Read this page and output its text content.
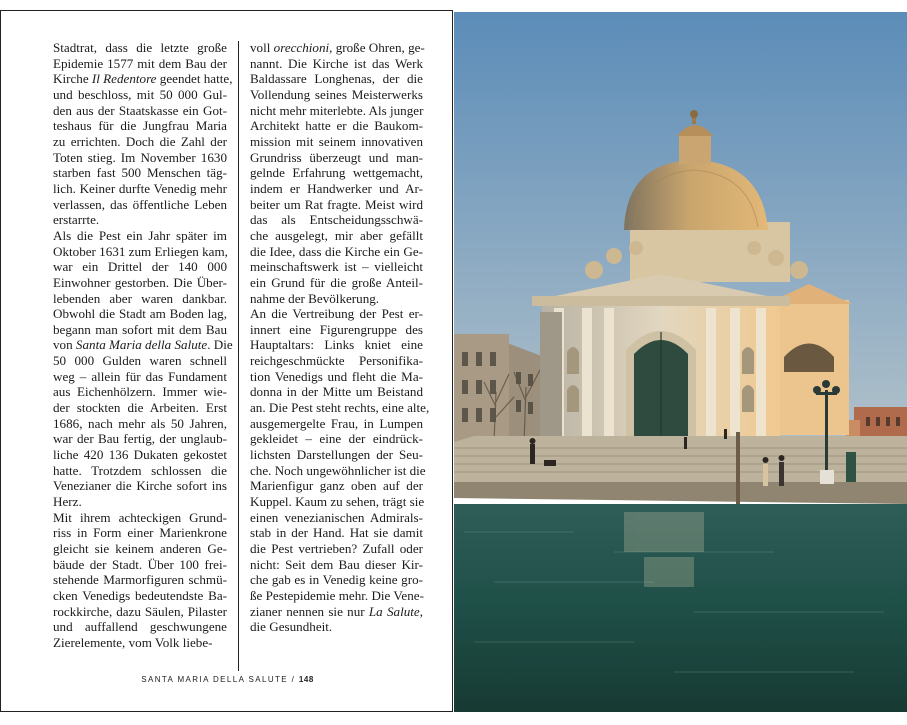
Stadtrat, dass die letzte große
Epidemie 1577 mit dem Bau der
Kirche Il Redentore geendet hatte,
und beschloss, mit 50 000 Gul-
den aus der Staatskasse ein Got-
teshaus für die Jungfrau Maria
zu errichten. Doch die Zahl der
Toten stieg. Im November 1630
starben fast 500 Menschen täg-
lich. Keiner durfte Venedig mehr
verlassen, das öffentliche Leben
erstarrte.

Als die Pest ein Jahr später im
Oktober 1631 zum Erliegen kam,
war ein Drittel der 140 000
Einwohner gestorben. Die Über-
lebenden aber waren dankbar.
Obwohl die Stadt am Boden lag,
begann man sofort mit dem Bau
von Santa Maria della Salute. Die
50 000 Gulden waren schnell
weg – allein für das Fundament
aus Eichenhölzern. Immer wie-
der stockten die Arbeiten. Erst
1686, nach mehr als 50 Jahren,
war der Bau fertig, der unglaub-
liche 420 136 Dukaten gekostet
hatte. Trotzdem schlossen die
Venezianer die Kirche sofort ins
Herz.

Mit ihrem achteckigen Grund-
riss in Form einer Marienkrone
gleicht sie keinem anderen Ge-
bäude der Stadt. Über 100 frei-
stehende Marmorfiguren schmü-
cken Venedigs bedeutendste Ba-
rockkirche, dazu Säulen, Pilaster
und auffallend geschwungene
Zierelemente, vom Volk liebe-

voll orecchioni, große Ohren, ge-
nannt. Die Kirche ist das Werk
Baldassare Longhenas, der die
Vollendung seines Meisterwerks
nicht mehr miterlebte. Als junger
Architekt hatte er die Baukom-
mission mit seinem innovativen
Grundriss überzeugt und man-
gelnde Erfahrung wettgemacht,
indem er Handwerker und Ar-
beiter um Rat fragte. Meist wird
das als Entscheidungsschwä-
che ausgelegt, mir aber gefällt
die Idee, dass die Kirche ein Ge-
meinschaftswerk ist – vielleicht
ein Grund für die große Anteil-
nahme der Bevölkerung.

An die Vertreibung der Pest er-
innert eine Figurengruppe des
Hauptaltars: Links kniet eine
reichgeschmückte Personifika-
tion Venedigs und fleht die Ma-
donna in der Mitte um Beistand
an. Die Pest steht rechts, eine alte,
ausgemergelte Frau, in Lumpen
gekleidet – eine der eindrück-
lichsten Darstellungen der Seu-
che. Noch ungewöhnlicher ist die
Marienfigur ganz oben auf der
Kuppel. Kaum zu sehen, trägt sie
einen venezianischen Admirals-
stab in der Hand. Hat sie damit
die Pest vertrieben? Zufall oder
nicht: Seit dem Bau dieser Kir-
che gab es in Venedig keine gro-
ße Pestepidemie mehr. Die Vene-
zianer nennen sie nur La Salute,
die Gesundheit.

SANTA MARIA DELLA SALUTE / 148
